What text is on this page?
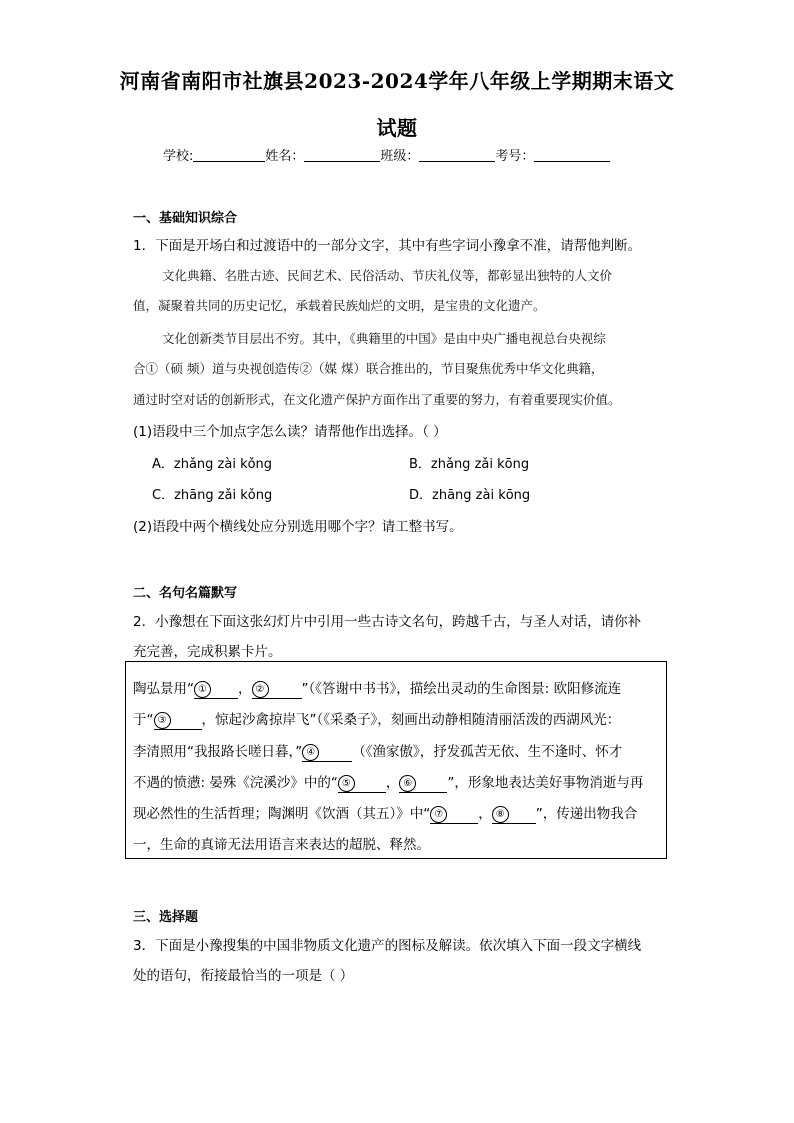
河南省南阳市社旗县2023-2024学年八年级上学期期末语文
试题
学校:	姓名：	班级：	考号：
一、基础知识综合
1．下面是开场白和过渡语中的一部分文字，其中有些字词小豫拿不准，请帮他判断。
文化典籍、名胜古迹、民间艺术、民俗活动、节庆礼仪等，都彰显出独特的人文价
值，凝聚着共同的历史记忆，承载着民族灿烂的文明，是宝贵的文化遗产。
文化创新类节目层出不穷。其中，《典籍里的中国》是由中央广播电视总台央视综
合①（硕 频）道与央视创造传②（媒 煤）联合推出的，节目聚焦优秀中华文化典籍，
通过时空对话的创新形式，在文化遗产保护方面作出了重要的努力，有着重要现实价值。
(1)语段中三个加点字怎么读？请帮他作出选择。（ ）
A．zhǎng zài kǒng	B．zhǎng zǎi kōng
C．zhāng zǎi kǒng	D．zhāng zài kōng
(2)语段中两个横线处应分别选用哪个字？请工整书写。
二、名句名篇默写
2．小豫想在下面这张幻灯片中引用一些古诗文名句，跨越千古，与圣人对话，请你补
充完善，完成积累卡片。
陶弘景用“ ① ， ②	”（《答谢中书书》，描绘出灵动的生命图景: 欧阳修流连
于“ ③	，惊起沙禽掠岸飞”（《采桑子》，刻画出动静相随清丽活泼的西湖风光：
李清照用“我报路长嗟日暮，” ④	（《渔家傲》，抒发孤苦无依、生不逢时、怀才
不遇的愤懑: 晏殊《浣溪沙》中的“ ⑤	， ⑥	”，形象地表达美好事物消逝与再
现必然性的生活哲理；陶渊明《饮酒（其五）》中“ ⑦	， ⑧ ”，传递出物我合
一，生命的真谛无法用语言来表达的超脱、释然。
三、选择题
3．下面是小豫搜集的中国非物质文化遗产的图标及解读。依次填入下面一段文字横线
处的语句，衔接最恰当的一项是（ ）
